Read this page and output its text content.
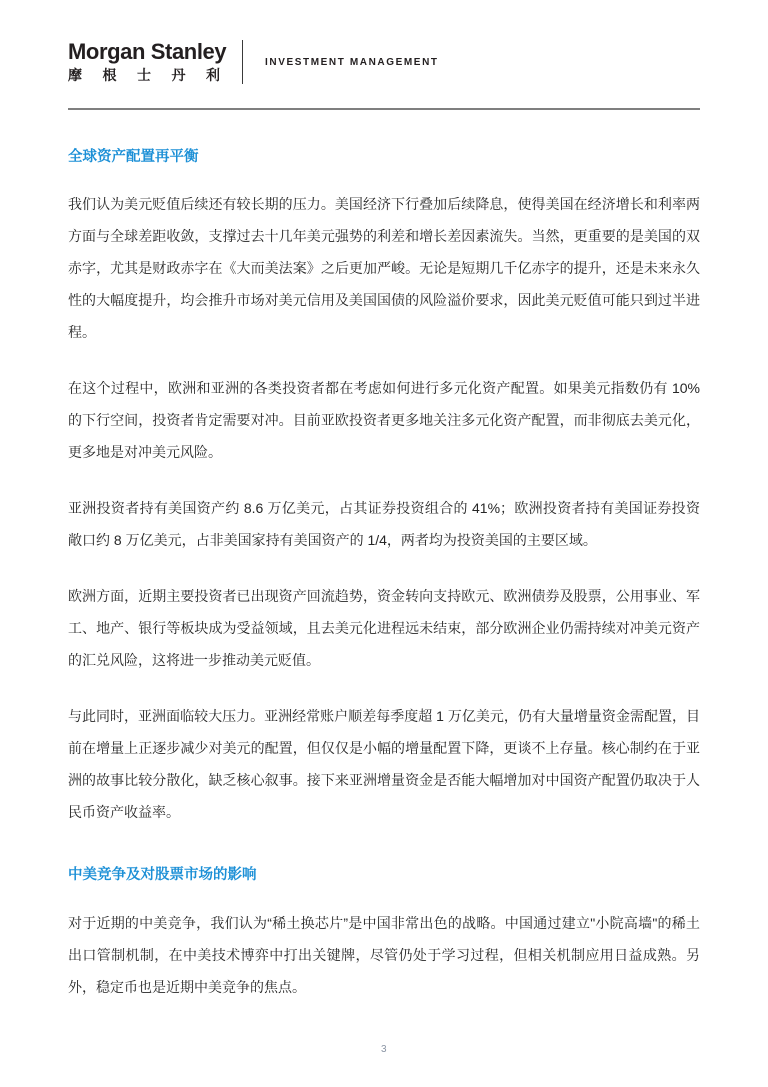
Morgan Stanley
摩根士丹利
INVESTMENT MANAGEMENT
全球资产配置再平衡

我们认为美元贬值后续还有较长期的压力。美国经济下行叠加后续降息，使得美国在经济增长和利率两方面与全球差距收敛，支撑过去十几年美元强势的利差和增长差因素流失。当然，更重要的是美国的双赤字，尤其是财政赤字在《大而美法案》之后更加严峻。无论是短期几千亿赤字的提升，还是未来永久性的大幅度提升，均会推升市场对美元信用及美国国债的风险溢价要求，因此美元贬值可能只到过半进程。

在这个过程中，欧洲和亚洲的各类投资者都在考虑如何进行多元化资产配置。如果美元指数仍有 10%的下行空间，投资者肯定需要对冲。目前亚欧投资者更多地关注多元化资产配置，而非彻底去美元化，更多地是对冲美元风险。

亚洲投资者持有美国资产约 8.6 万亿美元，占其证券投资组合的 41%；欧洲投资者持有美国证券投资敞口约 8 万亿美元，占非美国家持有美国资产的 1/4，两者均为投资美国的主要区域。

欧洲方面，近期主要投资者已出现资产回流趋势，资金转向支持欧元、欧洲债券及股票，公用事业、军工、地产、银行等板块成为受益领域，且去美元化进程远未结束，部分欧洲企业仍需持续对冲美元资产的汇兑风险，这将进一步推动美元贬值。

与此同时，亚洲面临较大压力。亚洲经常账户顺差每季度超 1 万亿美元，仍有大量增量资金需配置，目前在增量上正逐步减少对美元的配置，但仅仅是小幅的增量配置下降，更谈不上存量。核心制约在于亚洲的故事比较分散化，缺乏核心叙事。接下来亚洲增量资金是否能大幅增加对中国资产配置仍取决于人民币资产收益率。

中美竞争及对股票市场的影响

对于近期的中美竞争，我们认为“稀土换芯片”是中国非常出色的战略。中国通过建立"小院高墙"的稀土出口管制机制，在中美技术博弈中打出关键牌，尽管仍处于学习过程，但相关机制应用日益成熟。另外，稳定币也是近期中美竞争的焦点。

3
